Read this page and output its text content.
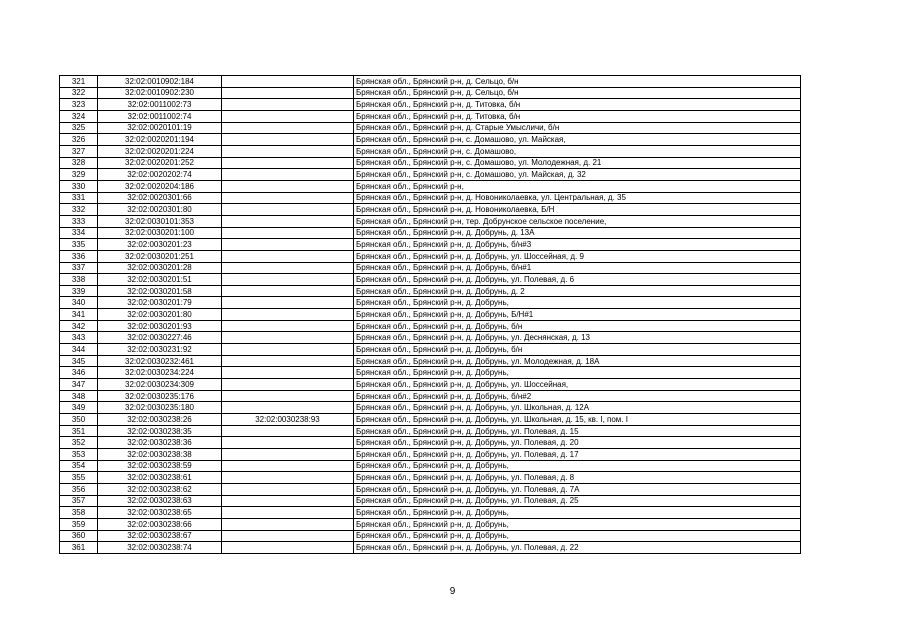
321	32:02:0010902:184		Брянская обл., Брянский р-н, д. Сельцо, б/н
322	32:02:0010902:230		Брянская обл., Брянский р-н, д. Сельцо, б/н
323	32:02:0011002:73		Брянская обл., Брянский р-н, д. Титовка, б/н
324	32:02:0011002:74		Брянская обл., Брянский р-н, д. Титовка, б/н
325	32:02:0020101:19		Брянская обл., Брянский р-н, д. Старые Умысличи, б/н
326	32:02:0020201:194		Брянская обл., Брянский р-н, с. Домашово, ул. Майская,
327	32:02:0020201:224		Брянская обл., Брянский р-н, с. Домашово,
328	32:02:0020201:252		Брянская обл., Брянский р-н, с. Домашово, ул. Молодежная, д. 21
329	32:02:0020202:74		Брянская обл., Брянский р-н, с. Домашово, ул. Майская, д. 32
330	32:02:0020204:186		Брянская обл., Брянский р-н,
331	32:02:0020301:66		Брянская обл., Брянский р-н, д. Новониколаевка, ул. Центральная, д. 35
332	32:02:0020301:80		Брянская обл., Брянский р-н, д. Новониколаевка, Б/Н
333	32:02:0030101:353		Брянская обл., Брянский р-н, тер. Добрунское сельское поселение,
334	32:02:0030201:100		Брянская обл., Брянский р-н, д. Добрунь, д. 13А
335	32:02:0030201:23		Брянская обл., Брянский р-н, д. Добрунь, б/н#3
336	32:02:0030201:251		Брянская обл., Брянский р-н, д. Добрунь, ул. Шоссейная, д. 9
337	32:02:0030201:28		Брянская обл., Брянский р-н, д. Добрунь, б/н#1
338	32:02:0030201:51		Брянская обл., Брянский р-н, д. Добрунь, ул. Полевая, д. 6
339	32:02:0030201:58		Брянская обл., Брянский р-н, д. Добрунь, д. 2
340	32:02:0030201:79		Брянская обл., Брянский р-н, д. Добрунь,
341	32:02:0030201:80		Брянская обл., Брянский р-н, д. Добрунь, Б/Н#1
342	32:02:0030201:93		Брянская обл., Брянский р-н, д. Добрунь, б/н
343	32:02:0030227:46		Брянская обл., Брянский р-н, д. Добрунь, ул. Деснянская, д. 13
344	32:02:0030231:92		Брянская обл., Брянский р-н, д. Добрунь, б/н
345	32:02:0030232:461		Брянская обл., Брянский р-н, д. Добрунь, ул. Молодежная, д. 18А
346	32:02:0030234:224		Брянская обл., Брянский р-н, д. Добрунь,
347	32:02:0030234:309		Брянская обл., Брянский р-н, д. Добрунь, ул. Шоссейная,
348	32:02:0030235:176		Брянская обл., Брянский р-н, д. Добрунь, б/н#2
349	32:02:0030235:180		Брянская обл., Брянский р-н, д. Добрунь, ул. Школьная, д. 12А
350	32:02:0030238:26	32:02:0030238:93	Брянская обл., Брянский р-н, д. Добрунь, ул. Школьная, д. 15, кв. I, пом. I
351	32:02:0030238:35		Брянская обл., Брянский р-н, д. Добрунь, ул. Полевая, д. 15
352	32:02:0030238:36		Брянская обл., Брянский р-н, д. Добрунь, ул. Полевая, д. 20
353	32:02:0030238:38		Брянская обл., Брянский р-н, д. Добрунь, ул. Полевая, д. 17
354	32:02:0030238:59		Брянская обл., Брянский р-н, д. Добрунь,
355	32:02:0030238:61		Брянская обл., Брянский р-н, д. Добрунь, ул. Полевая, д. 8
356	32:02:0030238:62		Брянская обл., Брянский р-н, д. Добрунь, ул. Полевая, д. 7А
357	32:02:0030238:63		Брянская обл., Брянский р-н, д. Добрунь, ул. Полевая, д. 25
358	32:02:0030238:65		Брянская обл., Брянский р-н, д. Добрунь,
359	32:02:0030238:66		Брянская обл., Брянский р-н, д. Добрунь,
360	32:02:0030238:67		Брянская обл., Брянский р-н, д. Добрунь,
361	32:02:0030238:74		Брянская обл., Брянский р-н, д. Добрунь, ул. Полевая, д. 22
9
